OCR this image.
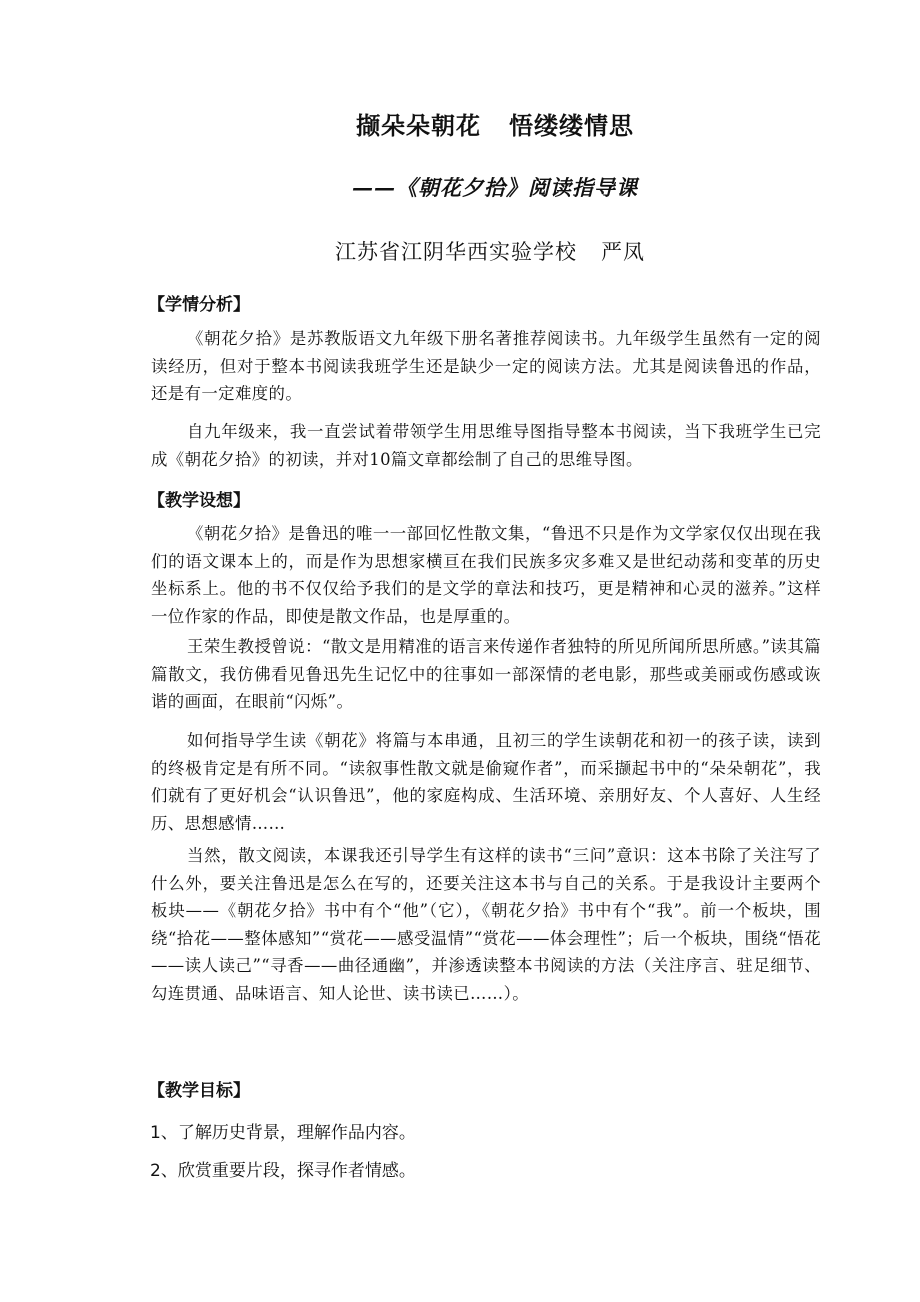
撷朵朵朝花 悟缕缕情思
——《朝花夕拾》阅读指导课
江苏省江阴华西实验学校 严凤
【学情分析】
《朝花夕拾》是苏教版语文九年级下册名著推荐阅读书。九年级学生虽然有一定的阅读经历，但对于整本书阅读我班学生还是缺少一定的阅读方法。尤其是阅读鲁迅的作品，还是有一定难度的。
自九年级来，我一直尝试着带领学生用思维导图指导整本书阅读，当下我班学生已完成《朝花夕拾》的初读，并对10篇文章都绘制了自己的思维导图。
【教学设想】
《朝花夕拾》是鲁迅的唯一一部回忆性散文集，“鲁迅不只是作为文学家仅仅出现在我们的语文课本上的，而是作为思想家横亘在我们民族多灾多难又是世纪动荡和变革的历史坐标系上。他的书不仅仅给予我们的是文学的章法和技巧，更是精神和心灵的滋养。”这样一位作家的作品，即使是散文作品，也是厚重的。
王荣生教授曾说：“散文是用精准的语言来传递作者独特的所见所闻所思所感。”读其篇篇散文，我仿佛看见鲁迅先生记忆中的往事如一部深情的老电影，那些或美丽或伤感或诙谐的画面，在眼前“闪烁”。
如何指导学生读《朝花》将篇与本串通，且初三的学生读朝花和初一的孩子读，读到的终极肯定是有所不同。“读叙事性散文就是偷窥作者”，而采撷起书中的“朵朵朝花”，我们就有了更好机会“认识鲁迅”，他的家庭构成、生活环境、亲朋好友、个人喜好、人生经历、思想感情……
当然，散文阅读，本课我还引导学生有这样的读书“三问”意识：这本书除了关注写了什么外，要关注鲁迅是怎么在写的，还要关注这本书与自己的关系。于是我设计主要两个板块——《朝花夕拾》书中有个“他”（它），《朝花夕拾》书中有个“我”。前一个板块，围绕“拾花——整体感知”“赏花——感受温情”“赏花——体会理性”；后一个板块，围绕“悟花——读人读己”“寻香——曲径通幽”，并渗透读整本书阅读的方法（关注序言、驻足细节、勾连贯通、品味语言、知人论世、读书读已……）。
【教学目标】
1、了解历史背景，理解作品内容。
2、欣赏重要片段，探寻作者情感。
